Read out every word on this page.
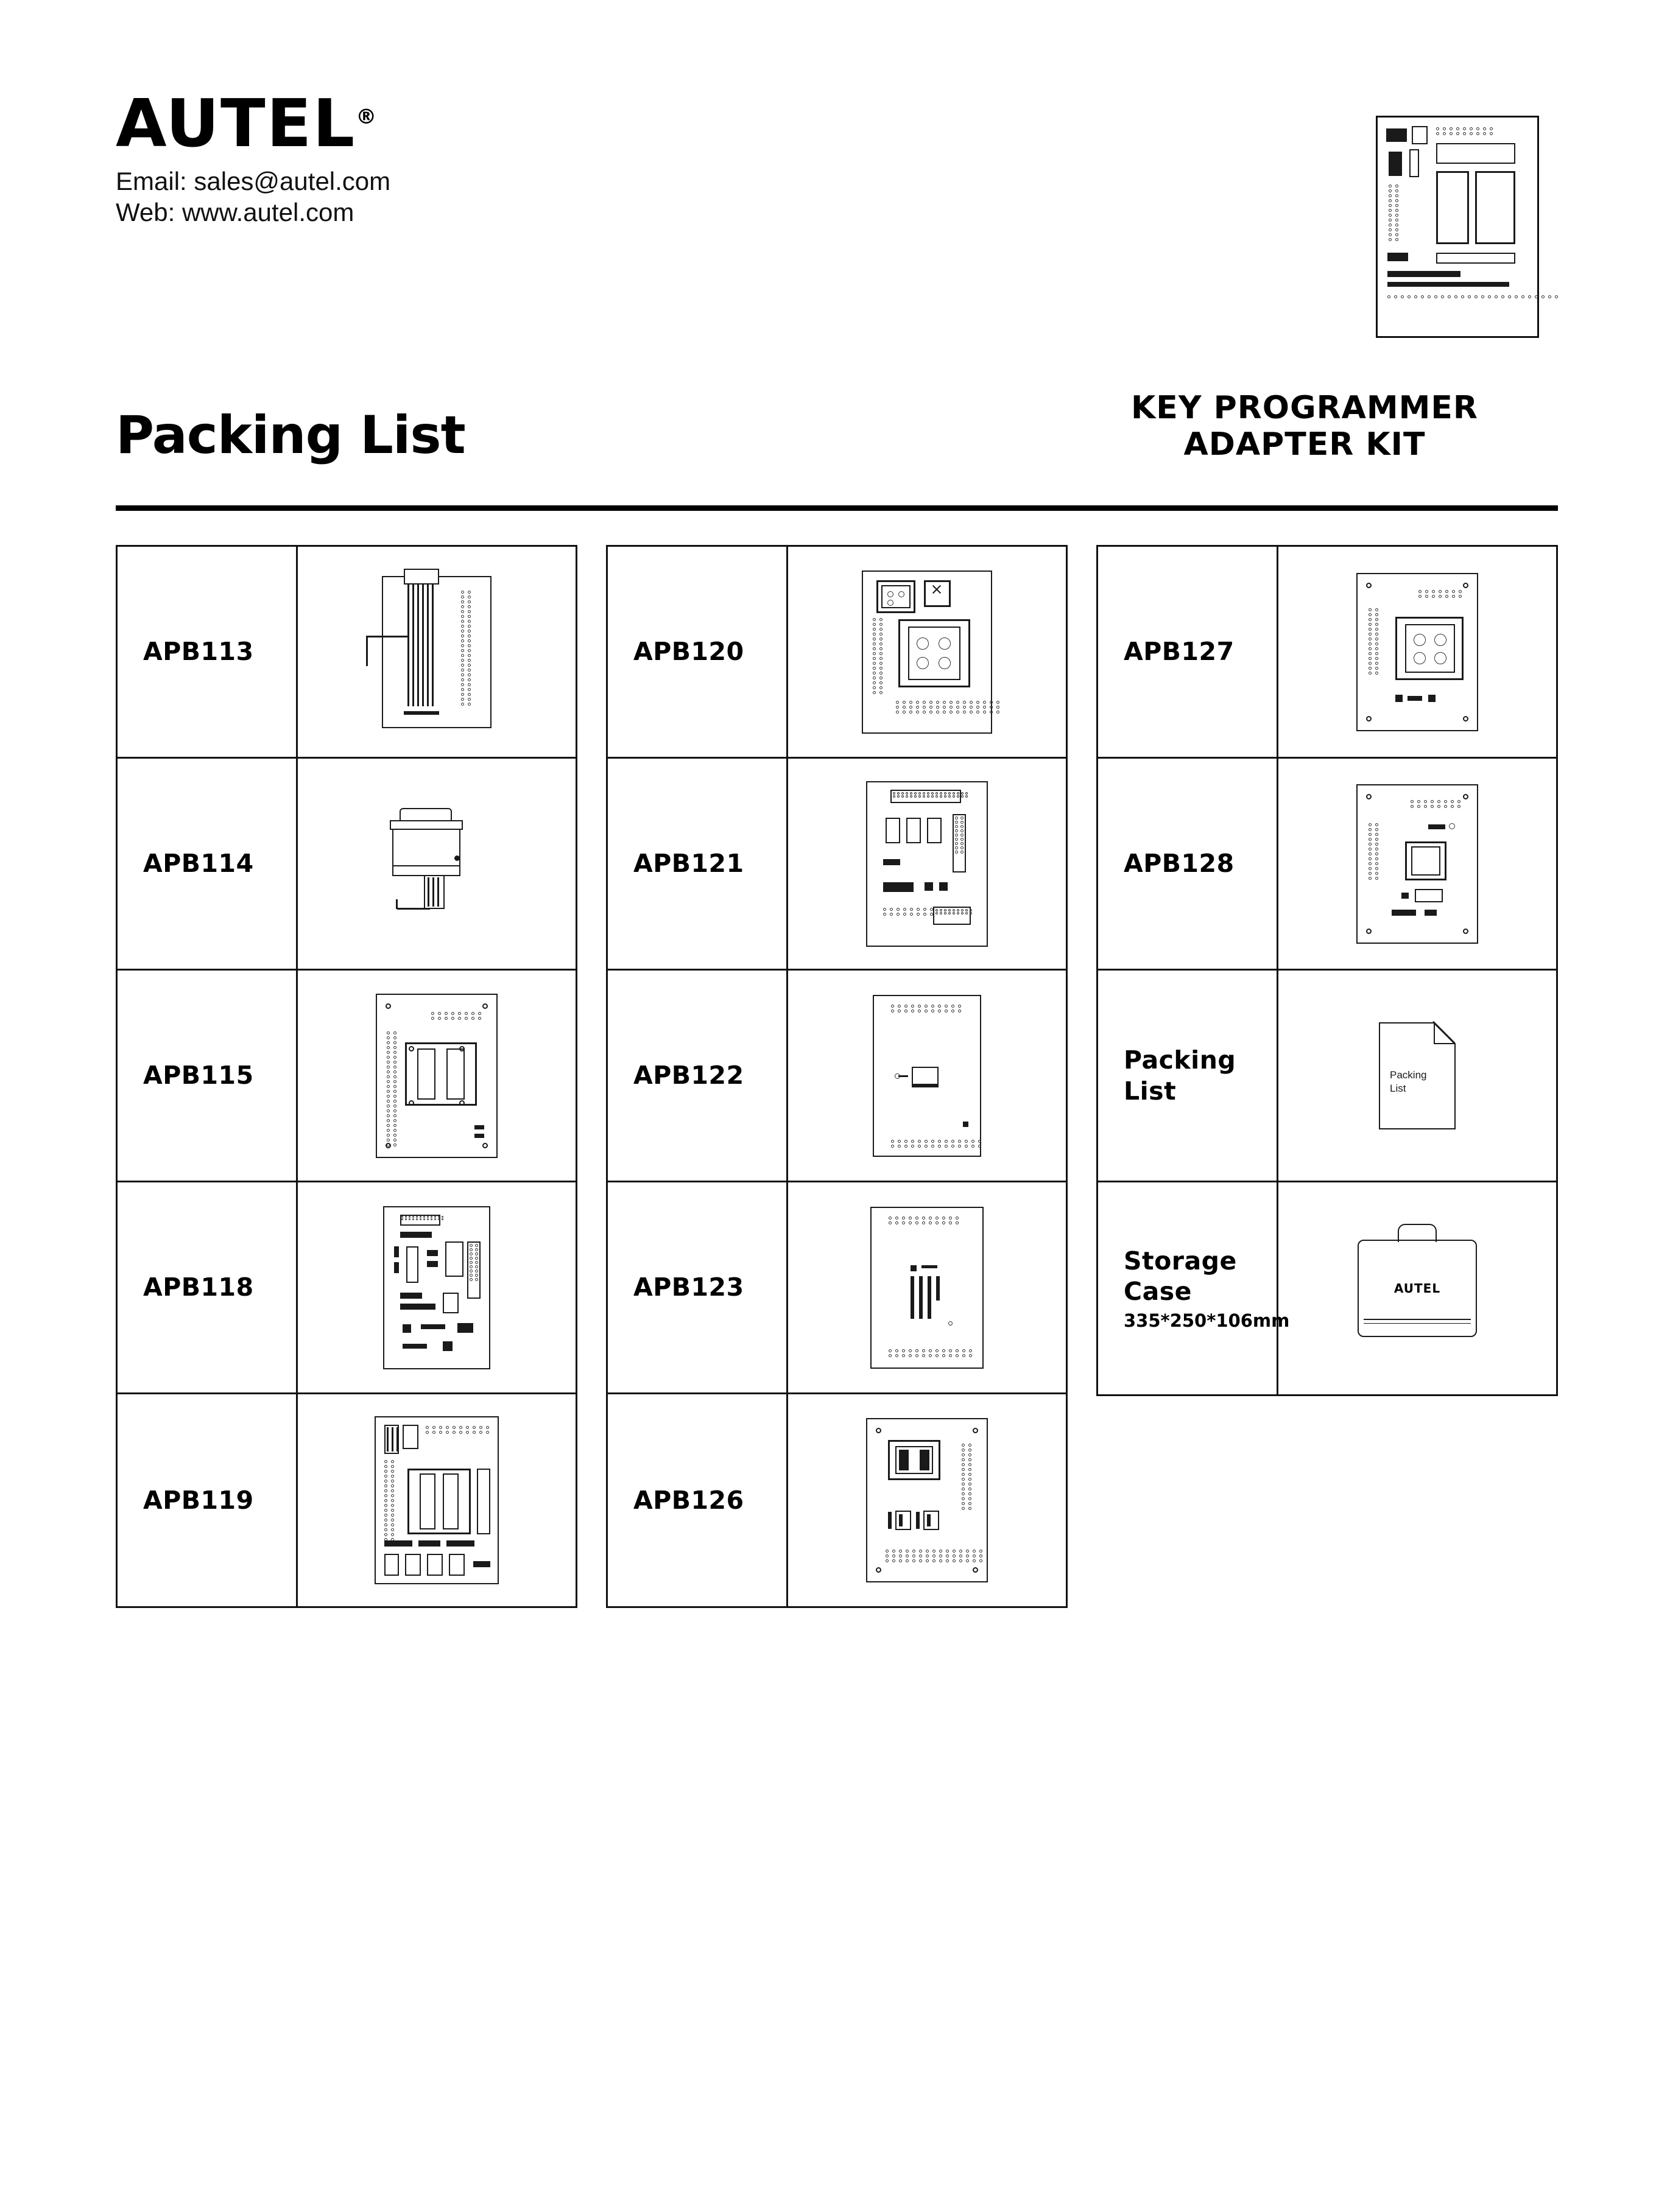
AUTEL®
Email: sales@autel.com
Web: www.autel.com
KEY PROGRAMMER
ADAPTER KIT
Packing List
APB113
APB114
APB115
APB118
APB119
APB120
APB121
APB122
APB123
APB126
APB127
APB128
Packing List
Packing
List
Storage Case
335*250*106mm
AUTEL
